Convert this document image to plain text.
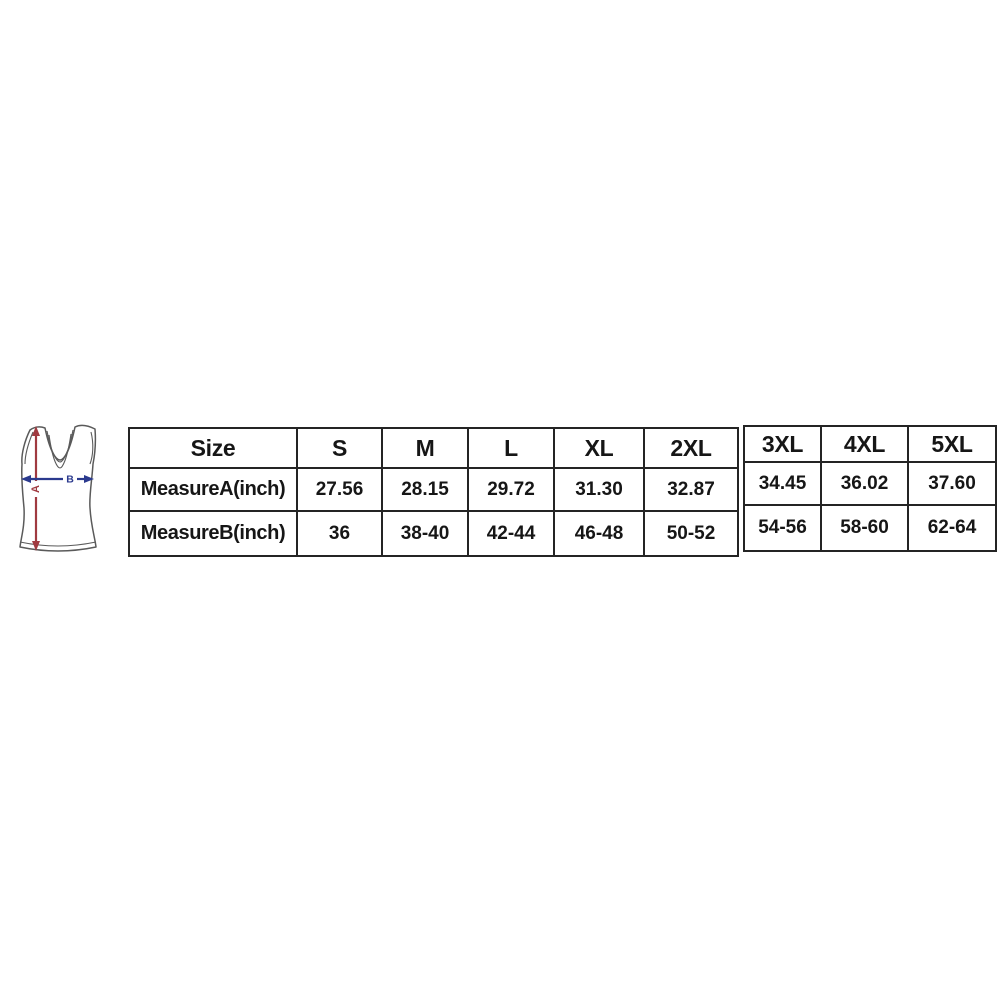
A
B
Size	S	M	L	XL	2XL
MeasureA(inch)	27.56	28.15	29.72	31.30	32.87
MeasureB(inch)	36	38-40	42-44	46-48	50-52
3XL	4XL	5XL
34.45	36.02	37.60
54-56	58-60	62-64
